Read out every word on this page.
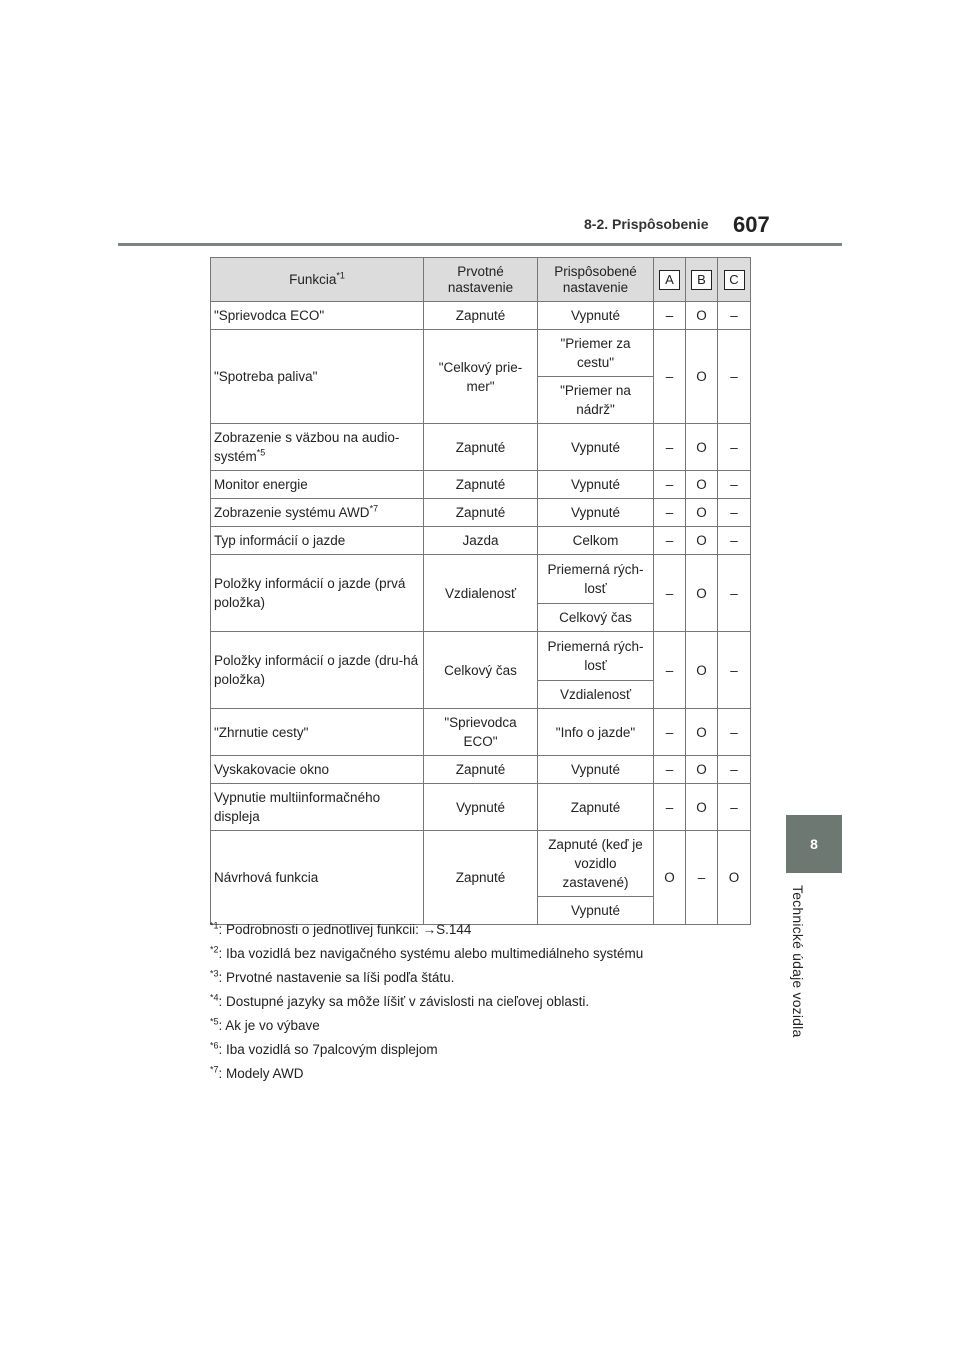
8-2. Prispôsobenie 607
8
Technické údaje vozidla
Funkcia$^{*1}$	Prvotné nastavenie	Prispôsobené nastavenie	A	B	C
"Sprievodca ECO"	Zapnuté	Vypnuté	–	O	–
"Spotreba paliva"	"Celkový prie-mer"	"Priemer za cestu"	–	O	–
		"Priemer na nádrž"			
Zobrazenie s väzbou na audio-systém$^{*5}$	Zapnuté	Vypnuté	–	O	–
Monitor energie	Zapnuté	Vypnuté	–	O	–
Zobrazenie systému AWD$^{*7}$	Zapnuté	Vypnuté	–	O	–
Typ informácií o jazde	Jazda	Celkom	–	O	–
Položky informácií o jazde (prvá položka)	Vzdialenosť	Priemerná rých-losť	–	O	–
		Celkový čas			
Položky informácií o jazde (dru-há položka)	Celkový čas	Priemerná rých-losť	–	O	–
		Vzdialenosť			
"Zhrnutie cesty"	"Sprievodca ECO"	"Info o jazde"	–	O	–
Vyskakovacie okno	Zapnuté	Vypnuté	–	O	–
Vypnutie multiinformačného displeja	Vypnuté	Zapnuté	–	O	–
Návrhová funkcia	Zapnuté	Zapnuté (keď je vozidlo zastavené)	O	–	O
		Vypnuté			
$^{*1}$: Podrobnosti o jednotlivej funkcii: →S.144
$^{*2}$: Iba vozidlá bez navigačného systému alebo multimediálneho systému
$^{*3}$: Prvotné nastavenie sa líši podľa štátu.
$^{*4}$: Dostupné jazyky sa môže líšiť v závislosti na cieľovej oblasti.
$^{*5}$: Ak je vo výbave
$^{*6}$: Iba vozidlá so 7palcovým displejom
$^{*7}$: Modely AWD
